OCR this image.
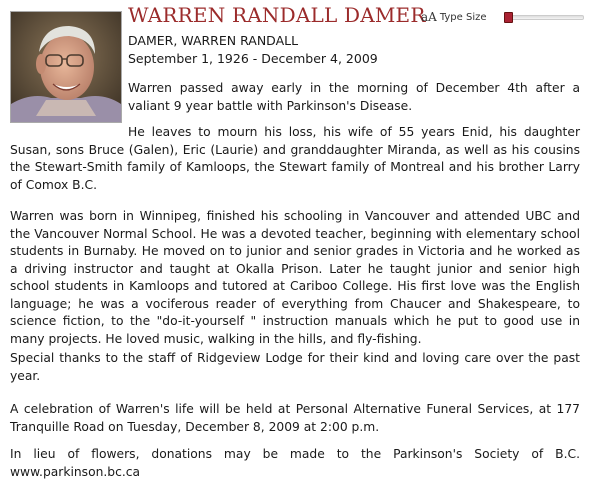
WARREN RANDALL DAMER
aA Type Size
DAMER, WARREN RANDALL
September 1, 1926 - December 4, 2009

Warren passed away early in the morning of December 4th after a valiant 9 year battle with Parkinson's Disease.

He leaves to mourn his loss, his wife of 55 years Enid, his daughter Susan, sons Bruce (Galen), Eric (Laurie) and granddaughter Miranda, as well as his cousins the Stewart-Smith family of Kamloops, the Stewart family of Montreal and his brother Larry of Comox B.C.

Warren was born in Winnipeg, finished his schooling in Vancouver and attended UBC and the Vancouver Normal School. He was a devoted teacher, beginning with elementary school students in Burnaby. He moved on to junior and senior grades in Victoria and he worked as a driving instructor and taught at Okalla Prison. Later he taught junior and senior high school students in Kamloops and tutored at Cariboo College. His first love was the English language; he was a vociferous reader of everything from Chaucer and Shakespeare, to science fiction, to the "do-it-yourself " instruction manuals which he put to good use in many projects. He loved music, walking in the hills, and fly-fishing.

Special thanks to the staff of Ridgeview Lodge for their kind and loving care over the past year.

A celebration of Warren's life will be held at Personal Alternative Funeral Services, at 177 Tranquille Road on Tuesday, December 8, 2009 at 2:00 p.m.

In lieu of flowers, donations may be made to the Parkinson's Society of B.C. www.parkinson.bc.ca
